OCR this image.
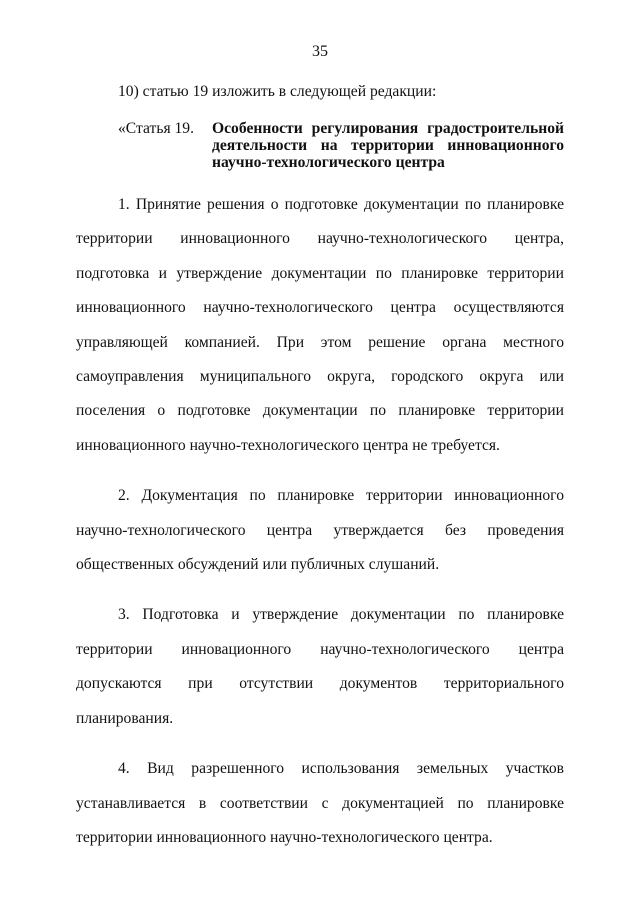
35

10) статью 19 изложить в следующей редакции:

«Статья 19.	Особенности регулирования градостроительной деятельности на территории инновационного научно-технологического центра

1. Принятие решения о подготовке документации по планировке территории инновационного научно-технологического центра, подготовка и утверждение документации по планировке территории инновационного научно-технологического центра осуществляются управляющей компанией. При этом решение органа местного самоуправления муниципального округа, городского округа или поселения о подготовке документации по планировке территории инновационного научно-технологического центра не требуется.

2. Документация по планировке территории инновационного научно-технологического центра утверждается без проведения общественных обсуждений или публичных слушаний.

3. Подготовка и утверждение документации по планировке территории инновационного научно-технологического центра допускаются при отсутствии документов территориального планирования.

4. Вид разрешенного использования земельных участков устанавливается в соответствии с документацией по планировке территории инновационного научно-технологического центра.
